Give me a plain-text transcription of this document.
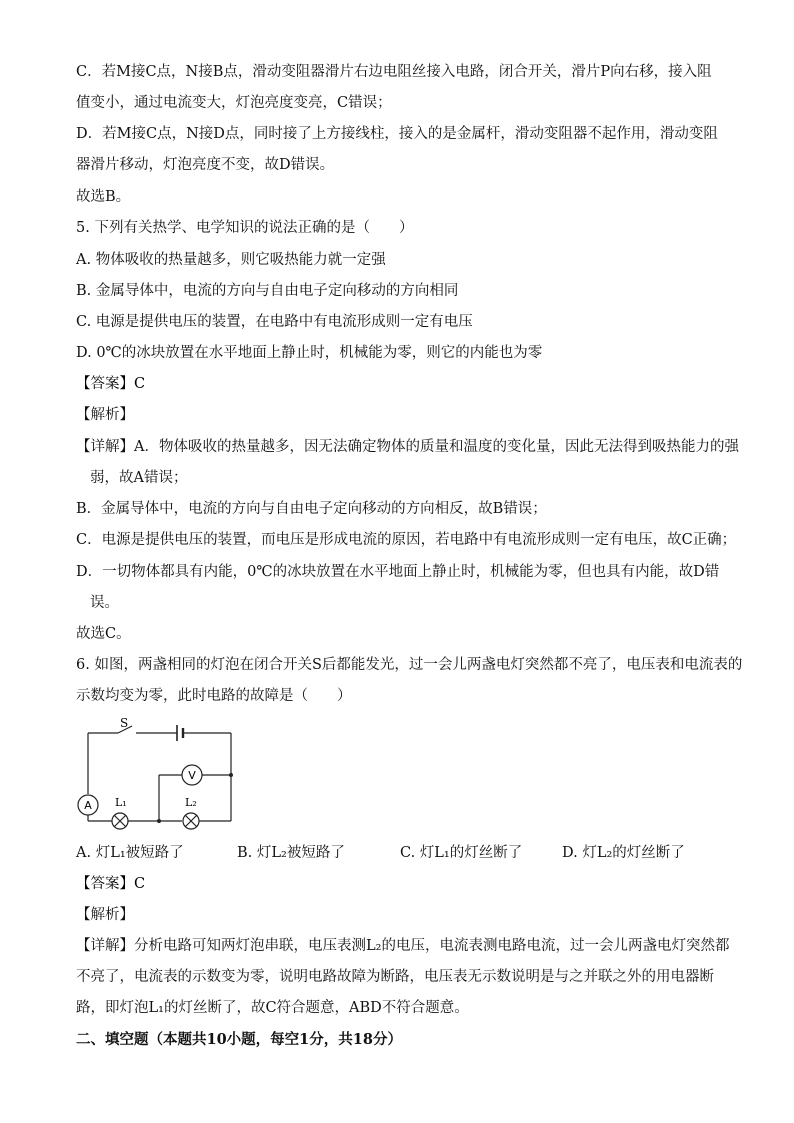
C．若M接C点，N接B点，滑动变阻器滑片右边电阻丝接入电路，闭合开关，滑片P向右移，接入阻
值变小，通过电流变大，灯泡亮度变亮，C错误；
D．若M接C点，N接D点，同时接了上方接线柱，接入的是金属杆，滑动变阻器不起作用，滑动变阻
器滑片移动，灯泡亮度不变，故D错误。
故选B。
5. 下列有关热学、电学知识的说法正确的是（　　）
A. 物体吸收的热量越多，则它吸热能力就一定强
B. 金属导体中，电流的方向与自由电子定向移动的方向相同
C. 电源是提供电压的装置，在电路中有电流形成则一定有电压
D. 0℃的冰块放置在水平地面上静止时，机械能为零，则它的内能也为零
【答案】C
【解析】
【详解】A．物体吸收的热量越多，因无法确定物体的质量和温度的变化量，因此无法得到吸热能力的强
弱，故A错误；
B．金属导体中，电流的方向与自由电子定向移动的方向相反，故B错误；
C．电源是提供电压的装置，而电压是形成电流的原因，若电路中有电流形成则一定有电压，故C正确；
D．一切物体都具有内能，0℃的冰块放置在水平地面上静止时，机械能为零，但也具有内能，故D错
误。
故选C。
6. 如图，两盏相同的灯泡在闭合开关S后都能发光，过一会儿两盏电灯突然都不亮了，电压表和电流表的
示数均变为零，此时电路的故障是（　　）
S
A
V
L₁	L₂
A. 灯L₁被短路了	B. 灯L₂被短路了	C. 灯L₁的灯丝断了	D. 灯L₂的灯丝断了
【答案】C
【解析】
【详解】分析电路可知两灯泡串联，电压表测L₂的电压，电流表测电路电流，过一会儿两盏电灯突然都
不亮了，电流表的示数变为零，说明电路故障为断路，电压表无示数说明是与之并联之外的用电器断
路，即灯泡L₁的灯丝断了，故C符合题意，ABD不符合题意。
二、填空题（本题共10小题，每空1分，共18分）
